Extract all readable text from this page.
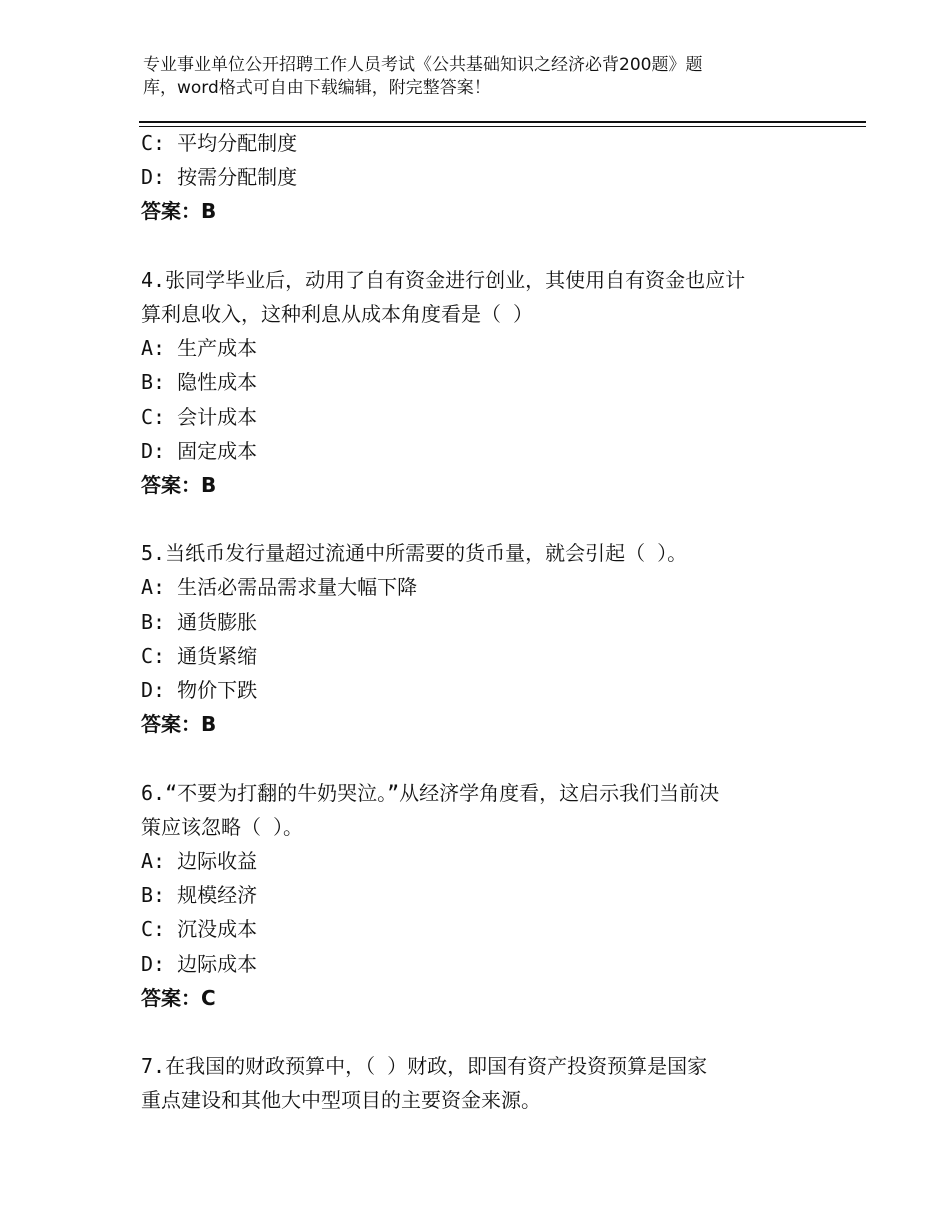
专业事业单位公开招聘工作人员考试《公共基础知识之经济必背200题》题
库，word格式可自由下载编辑，附完整答案！
C: 平均分配制度
D: 按需分配制度
答案：B
4.张同学毕业后，动用了自有资金进行创业，其使用自有资金也应计
算利息收入，这种利息从成本角度看是（ ）
A: 生产成本
B: 隐性成本
C: 会计成本
D: 固定成本
答案：B
5.当纸币发行量超过流通中所需要的货币量，就会引起（ ）。
A: 生活必需品需求量大幅下降
B: 通货膨胀
C: 通货紧缩
D: 物价下跌
答案：B
6.“不要为打翻的牛奶哭泣。”从经济学角度看，这启示我们当前决
策应该忽略（ ）。
A: 边际收益
B: 规模经济
C: 沉没成本
D: 边际成本
答案：C
7.在我国的财政预算中，（ ）财政，即国有资产投资预算是国家
重点建设和其他大中型项目的主要资金来源。
